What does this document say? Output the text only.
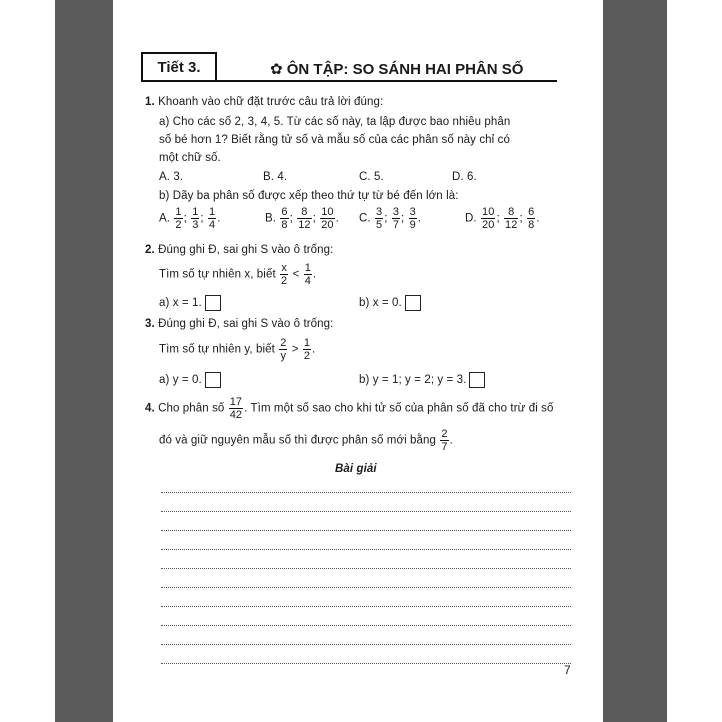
Tiết 3.	✿ ÔN TẬP: SO SÁNH HAI PHÂN SỐ
1. Khoanh vào chữ đặt trước câu trả lời đúng:
a) Cho các số 2, 3, 4, 5. Từ các số này, ta lập được bao nhiêu phân
số bé hơn 1? Biết rằng tử số và mẫu số của các phân số này chỉ có
một chữ số.
A. 3.	B. 4.	C. 5.	D. 6.
b) Dãy ba phân số được xếp theo thứ tự từ bé đến lớn là:
A. $\frac{1}{2}$ ; $\frac{1}{3}$ ; $\frac{1}{4}$ .	B. $\frac{6}{8}$ ; $\frac{8}{12}$ ; $\frac{10}{20}$ . C. $\frac{3}{5}$ ; $\frac{3}{7}$ ; $\frac{3}{9}$ .	D. $\frac{10}{20}$ ; $\frac{8}{12}$ ; $\frac{6}{8}$ .
2. Đúng ghi Đ, sai ghi S vào ô trống:
Tìm số tự nhiên x, biết $\frac{x}{2} < \frac{1}{4}$ .
a) x = 1.	b) x = 0.
3. Đúng ghi Đ, sai ghi S vào ô trống:
Tìm số tự nhiên y, biết $\frac{2}{y} > \frac{1}{2}$ .
a) y = 0.	b) y = 1; y = 2; y = 3.
4. Cho phân số $\frac{17}{42}$ . Tìm một số sao cho khi tử số của phân số đã cho trừ đi số
đó và giữ nguyên mẫu số thì được phân số mới bằng $\frac{2}{7}$ .
Bài giải
7
